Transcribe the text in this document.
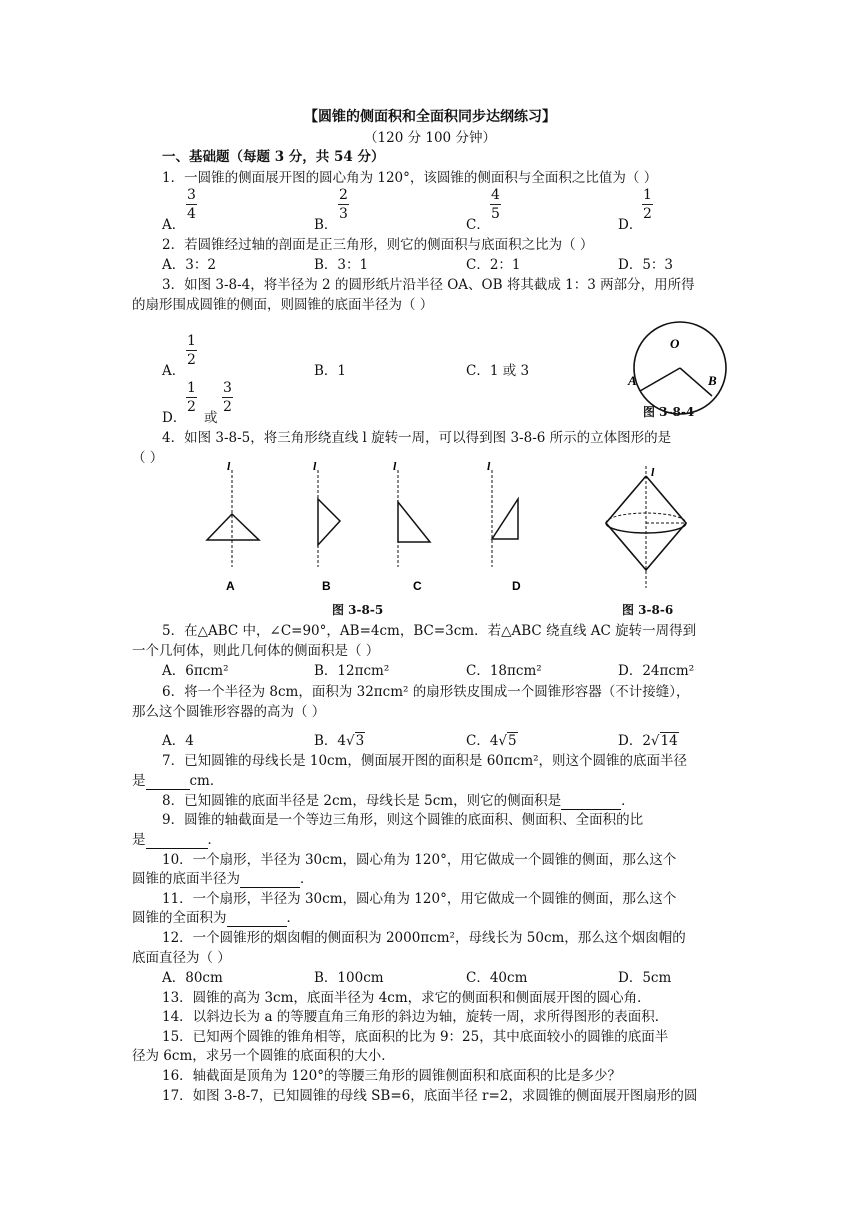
【圆锥的侧面积和全面积同步达纲练习】
（120 分 100 分钟）
一、基础题（每题 3 分，共 54 分）
1．一圆锥的侧面展开图的圆心角为 120°，该圆锥的侧面积与全面积之比值为（ ）
A．
$\frac{3}{4}$
B．
$\frac{2}{3}$
C．
$\frac{4}{5}$
D．
$\frac{1}{2}$
2．若圆锥经过轴的剖面是正三角形，则它的侧面积与底面积之比为（ ）
A．3：2	B．3：1	C．2：1	D．5：3
3．如图 3-8-4，将半径为 2 的圆形纸片沿半径 OA、OB 将其截成 1：3 两部分，用所得
的扇形围成圆锥的侧面，则圆锥的底面半径为（ ）
A．
$\frac{1}{2}$
B．1	C．1 或 3
D．
$\frac{1}{2}$
或
$\frac{3}{2}$
O
A	B
图 3-8-4
4．如图 3-8-5，将三角形绕直线 l 旋转一周，可以得到图 3-8-6 所示的立体图形的是
（ ）	l
A
l
B
l
C
l
D
l
图 3-8-5	图 3-8-6
5．在△ABC 中，∠C=90°，AB=4cm，BC=3cm．若△ABC 绕直线 AC 旋转一周得到
一个几何体，则此几何体的侧面积是（ ）
A．6πcm²	B．12πcm²	C．18πcm²	D．24πcm²
6．将一个半径为 8cm，面积为 32πcm² 的扇形铁皮围成一个圆锥形容器（不计接缝），
那么这个圆锥形容器的高为（ ）
A．4	B．4√3	C．4√5	D．2√14
7．已知圆锥的母线长是 10cm，侧面展开图的面积是 60πcm²，则这个圆锥的底面半径
是	cm．
8．已知圆锥的底面半径是 2cm，母线长是 5cm，则它的侧面积是	．
9．圆锥的轴截面是一个等边三角形，则这个圆锥的底面积、侧面积、全面积的比
是	．
10．一个扇形，半径为 30cm，圆心角为 120°，用它做成一个圆锥的侧面，那么这个
圆锥的底面半径为	．
11．一个扇形，半径为 30cm，圆心角为 120°，用它做成一个圆锥的侧面，那么这个
圆锥的全面积为	．
12．一个圆锥形的烟囱帽的侧面积为 2000πcm²，母线长为 50cm，那么这个烟囱帽的
底面直径为（ ）
A．80cm	B．100cm	C．40cm	D．5cm
13．圆锥的高为 3cm，底面半径为 4cm，求它的侧面积和侧面展开图的圆心角．
14．以斜边长为 a 的等腰直角三角形的斜边为轴，旋转一周，求所得图形的表面积．
15．已知两个圆锥的锥角相等，底面积的比为 9：25，其中底面较小的圆锥的底面半
径为 6cm，求另一个圆锥的底面积的大小．
16．轴截面是顶角为 120°的等腰三角形的圆锥侧面积和底面积的比是多少？
17．如图 3-8-7，已知圆锥的母线 SB=6，底面半径 r=2，求圆锥的侧面展开图扇形的圆
